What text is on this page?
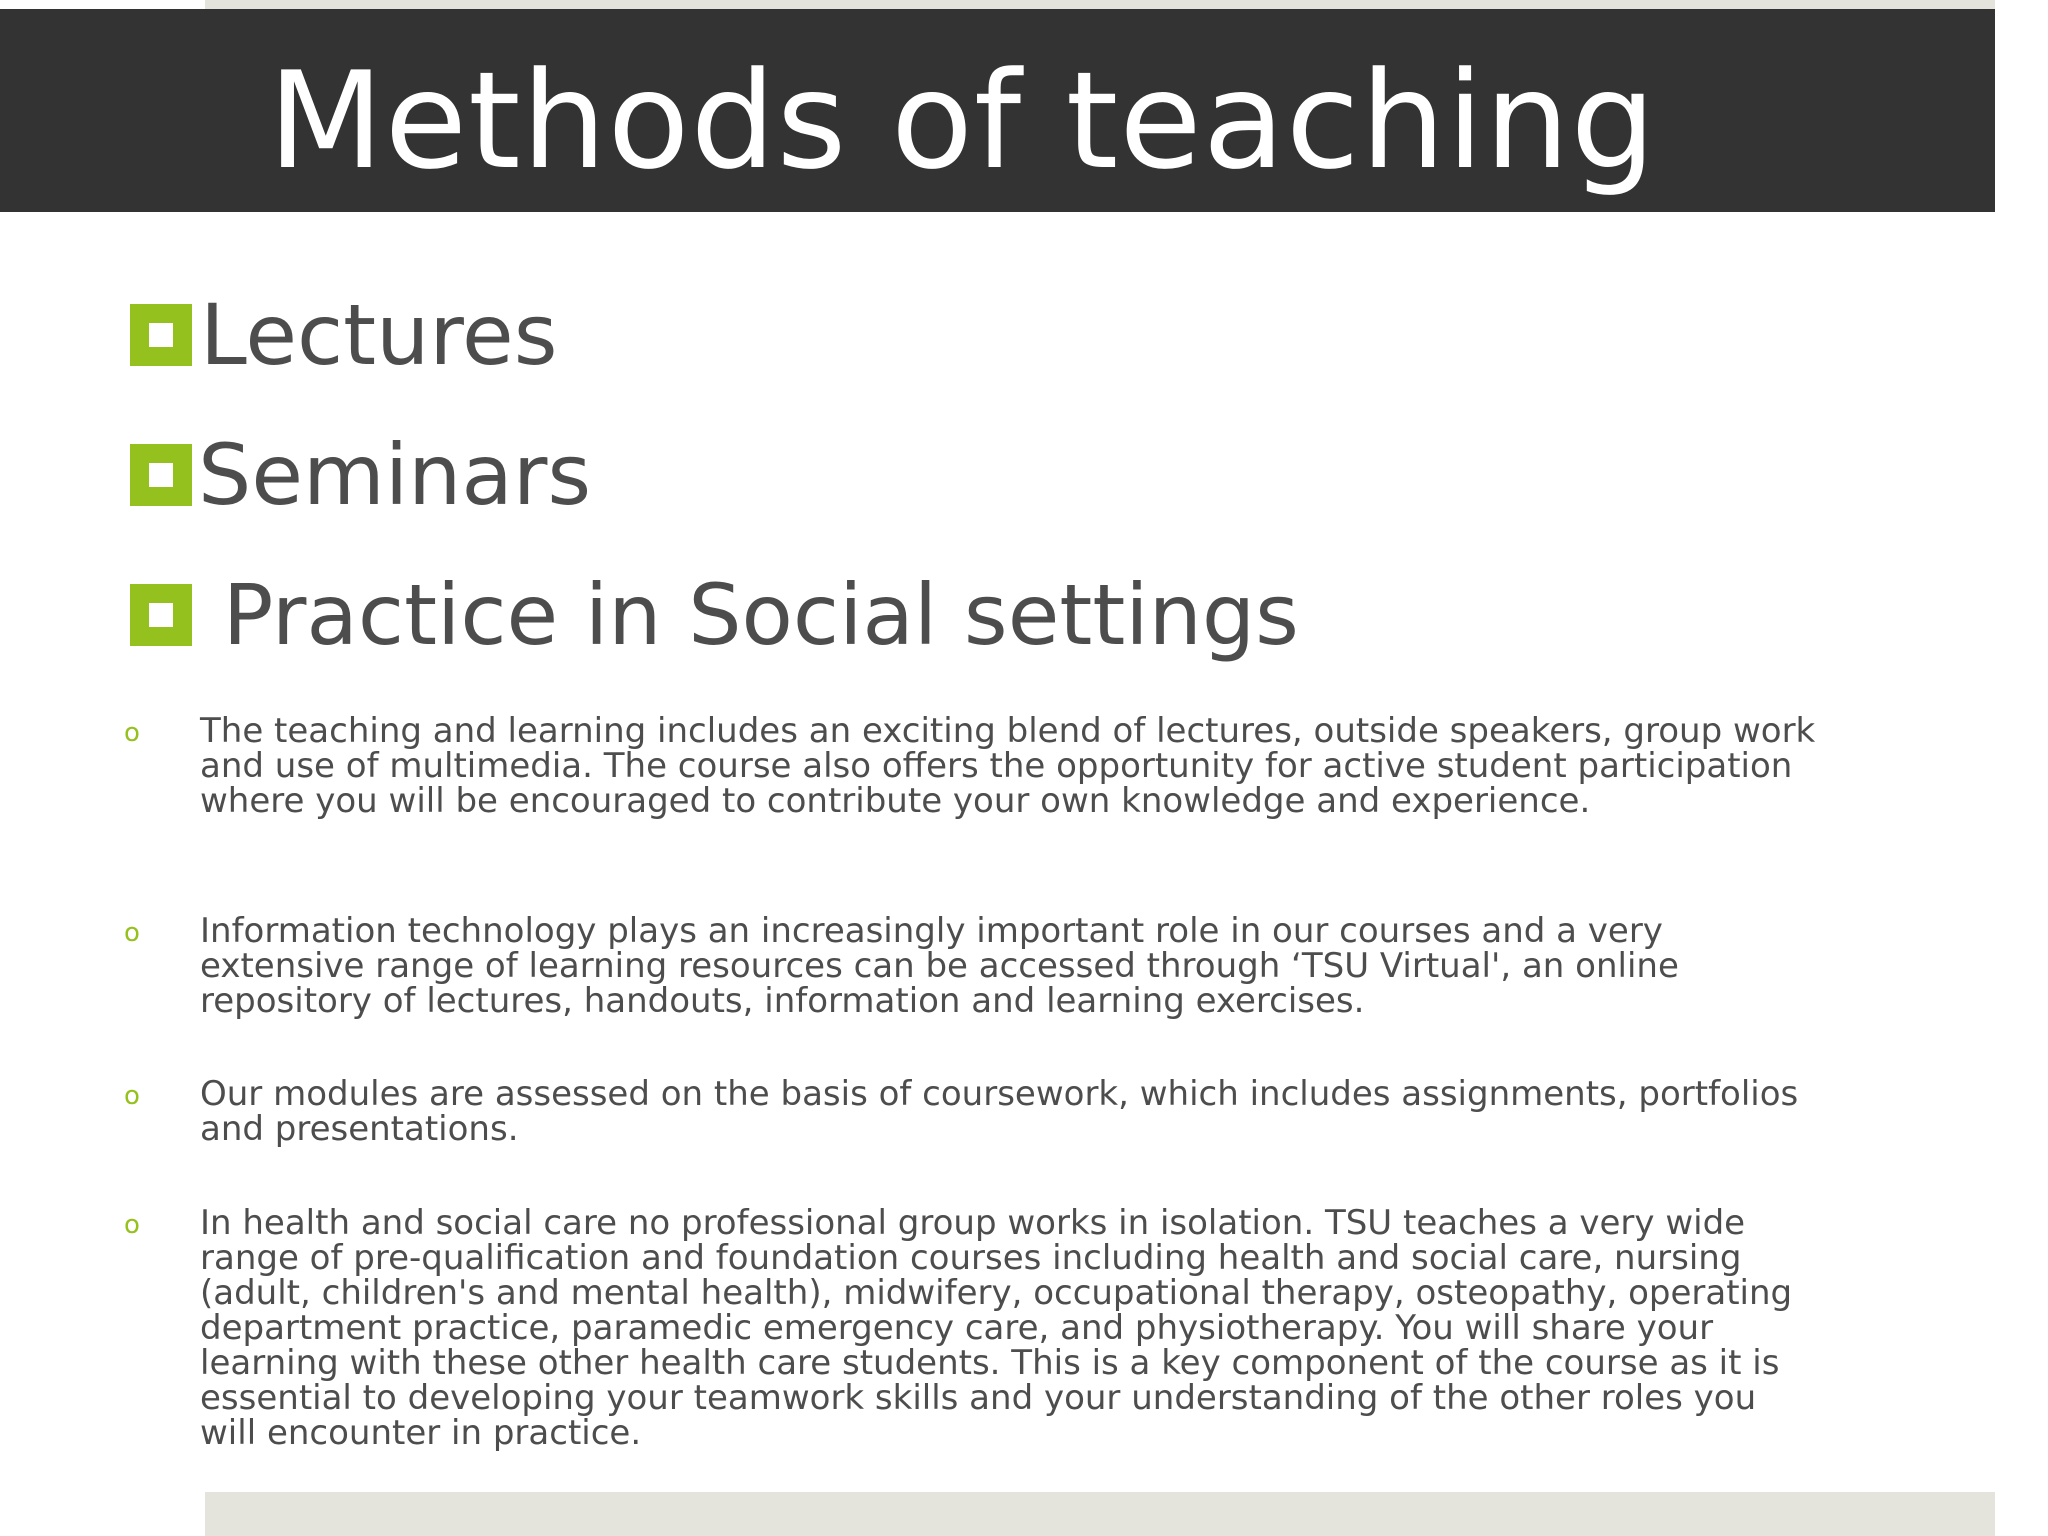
Methods of teaching
Lectures
Seminars
Practice in Social settings
o The teaching and learning includes an exciting blend of lectures, outside speakers, group work and use of multimedia. The course also offers the opportunity for active student participation where you will be encouraged to contribute your own knowledge and experience.

o Information technology plays an increasingly important role in our courses and a very extensive range of learning resources can be accessed through ‘TSU Virtual', an online repository of lectures, handouts, information and learning exercises.

o Our modules are assessed on the basis of coursework, which includes assignments, portfolios and presentations.

o In health and social care no professional group works in isolation. TSU teaches a very wide range of pre-qualification and foundation courses including health and social care, nursing (adult, children's and mental health), midwifery, occupational therapy, osteopathy, operating department practice, paramedic emergency care, and physiotherapy. You will share your learning with these other health care students. This is a key component of the course as it is essential to developing your teamwork skills and your understanding of the other roles you will encounter in practice.
